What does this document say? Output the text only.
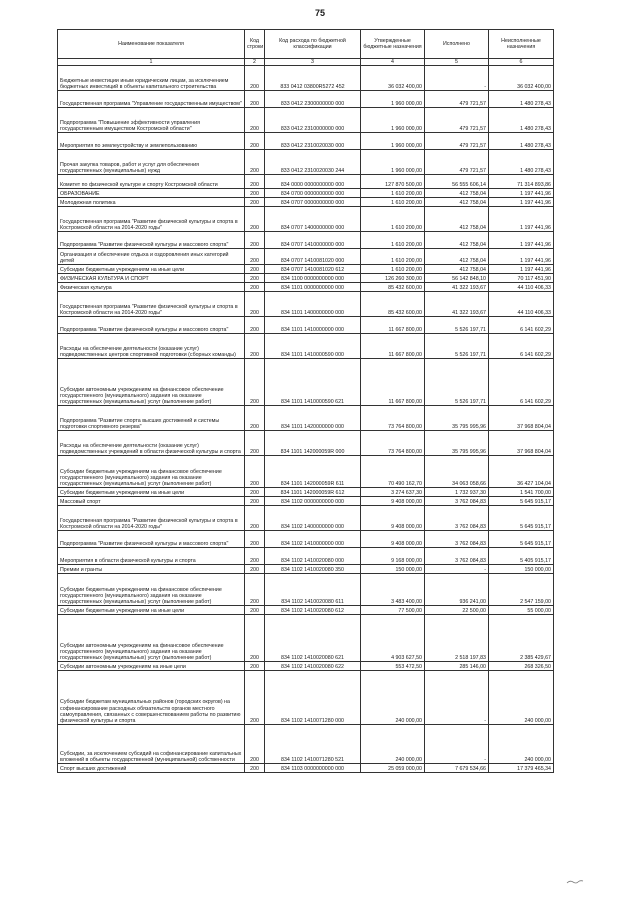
75
Наименование показателя	Код строки	Код расхода по бюджетной классификации	Утвержденные бюджетные назначения	Исполнено	Неисполненные назначения
1	2	3	4	5	6
Бюджетные инвестиции иным юридическим лицам, за исключением бюджетных инвестиций в объекты капитального строительства	200	833 0412 03800R5272 452	36 032 400,00	-	36 032 400,00
Государственная программа "Управление государственным имуществом"	200	833 0412 2300000000 000	1 960 000,00	479 721,57	1 480 278,43
Подпрограмма "Повышение эффективности управления государственным имуществом Костромской области"	200	833 0412 2310000000 000	1 960 000,00	479 721,57	1 480 278,43
Мероприятия по землеустройству и землепользованию	200	833 0412 2310020030 000	1 960 000,00	479 721,57	1 480 278,43
Прочая закупка товаров, работ и услуг для обеспечения государственных (муниципальных) нужд	200	833 0412 2310020030 244	1 960 000,00	479 721,57	1 480 278,43
Комитет по физической культуре и спорту Костромской области	200	834 0000 0000000000 000	127 870 500,00	56 555 606,14	71 314 893,86
ОБРАЗОВАНИЕ	200	834 0700 0000000000 000	1 610 200,00	412 758,04	1 197 441,96
Молодежная политика	200	834 0707 0000000000 000	1 610 200,00	412 758,04	1 197 441,96
Государственная программа "Развитие физической культуры и спорта в Костромской области на 2014-2020 годы"	200	834 0707 1400000000 000	1 610 200,00	412 758,04	1 197 441,96
Подпрограмма "Развитие физической культуры и массового спорта"	200	834 0707 1410000000 000	1 610 200,00	412 758,04	1 197 441,96
Организация и обеспечение отдыха и оздоровления иных категорий детей	200	834 0707 1410081020 000	1 610 200,00	412 758,04	1 197 441,96
Субсидии бюджетным учреждениям на иные цели	200	834 0707 1410081020 612	1 610 200,00	412 758,04	1 197 441,96
ФИЗИЧЕСКАЯ КУЛЬТУРА И СПОРТ	200	834 1100 0000000000 000	126 260 300,00	56 142 848,10	70 117 451,90
Физическая культура	200	834 1101 0000000000 000	85 432 600,00	41 322 193,67	44 110 406,33
Государственная программа "Развитие физической культуры и спорта в Костромской области на 2014-2020 годы"	200	834 1101 1400000000 000	85 432 600,00	41 322 193,67	44 110 406,33
Подпрограмма "Развитие физической культуры и массового спорта"	200	834 1101 1410000000 000	11 667 800,00	5 526 197,71	6 141 602,29
Расходы на обеспечение деятельности (оказание услуг) подведомственных центров спортивной подготовки (сборных команды)	200	834 1101 1410000590 000	11 667 800,00	5 526 197,71	6 141 602,29
Субсидии автономным учреждениям на финансовое обеспечение государственного (муниципального) задания на оказание государственных (муниципальных) услуг (выполнение работ)	200	834 1101 1410000590 621	11 667 800,00	5 526 197,71	6 141 602,29
Подпрограмма "Развитие спорта высших достижений и системы подготовки спортивного резерва"	200	834 1101 1420000000 000	73 764 800,00	35 795 995,96	37 968 804,04
Расходы на обеспечение деятельности (оказание услуг) подведомственных учреждений в области физической культуры и спорта	200	834 1101 142000059R 000	73 764 800,00	35 795 995,96	37 968 804,04
Субсидии бюджетным учреждениям на финансовое обеспечение государственного (муниципального) задания на оказание государственных (муниципальных) услуг (выполнение работ)	200	834 1101 142000059R 611	70 490 162,70	34 063 058,66	36 427 104,04
Субсидии бюджетным учреждениям на иные цели	200	834 1101 142000059R 612	3 274 637,30	1 732 937,30	1 541 700,00
Массовый спорт	200	834 1102 0000000000 000	9 408 000,00	3 762 084,83	5 645 915,17
Государственная программа "Развитие физической культуры и спорта в Костромской области на 2014-2020 годы"	200	834 1102 1400000000 000	9 408 000,00	3 762 084,83	5 645 915,17
Подпрограмма "Развитие физической культуры и массового спорта"	200	834 1102 1410000000 000	9 408 000,00	3 762 084,83	5 645 915,17
Мероприятия в области физической культуры и спорта	200	834 1102 1410020080 000	9 168 000,00	3 762 084,83	5 405 915,17
Премии и гранты	200	834 1102 1410020080 350	150 000,00	-	150 000,00
Субсидии бюджетным учреждениям на финансовое обеспечение государственного (муниципального) задания на оказание государственных (муниципальных) услуг (выполнение работ)	200	834 1102 1410020080 611	3 483 400,00	936 241,00	2 547 159,00
Субсидии бюджетным учреждениям на иные цели	200	834 1102 1410020080 612	77 500,00	22 500,00	55 000,00
Субсидии автономным учреждениям на финансовое обеспечение государственного (муниципального) задания на оказание государственных (муниципальных) услуг (выполнение работ)	200	834 1102 1410020080 621	4 903 627,50	2 518 197,83	2 385 429,67
Субсидии автономным учреждениям на иные цели	200	834 1102 1410020080 622	553 472,50	285 146,00	268 326,50
Субсидии бюджетам муниципальных районов (городских округов) на софинансирование расходных обязательств органов местного самоуправления, связанных с совершенствованием работы по развитию физической культуры и спорта	200	834 1102 1410071280 000	240 000,00	-	240 000,00
Субсидии, за исключением субсидий на софинансирование капитальных вложений в объекты государственной (муниципальной) собственности	200	834 1102 1410071280 521	240 000,00	-	240 000,00
Спорт высших достижений	200	834 1103 0000000000 000	25 059 000,00	7 679 534,66	17 379 465,34
